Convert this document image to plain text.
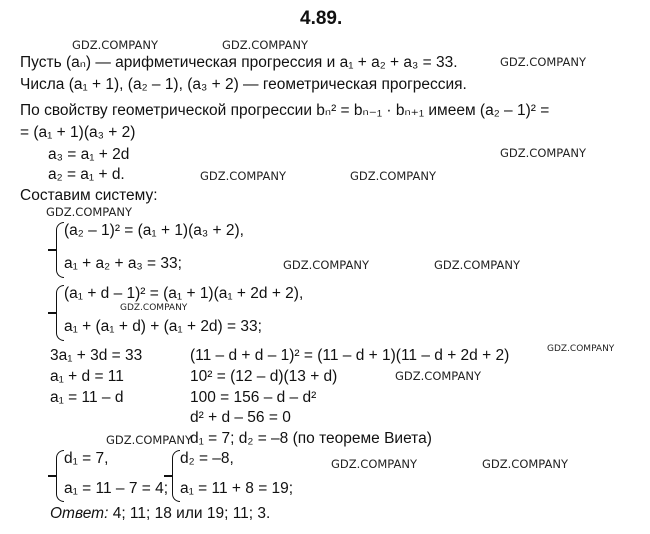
4.89.
GDZ.COMPANY	GDZ.COMPANY
GDZ.COMPANY
GDZ.COMPANY
GDZ.COMPANY	GDZ.COMPANY
GDZ.COMPANY
GDZ.COMPANY	GDZ.COMPANY
GDZ.COMPANY
GDZ.COMPANY
GDZ.COMPANY
GDZ.COMPANY
GDZ.COMPANY	GDZ.COMPANY
Пусть (aₙ) — арифметическая прогрессия и a₁ + a₂ + a₃ = 33.
Числа (a₁ + 1), (a₂ – 1), (a₃ + 2) — геометрическая прогрессия.
По свойству геометрической прогрессии bₙ² = bₙ₋₁ · bₙ₊₁ имеем (a₂ – 1)² =
= (a₁ + 1)(a₃ + 2)
a₃ = a₁ + 2d
a₂ = a₁ + d.
Составим систему:
(a₂ – 1)² = (a₁ + 1)(a₃ + 2),
a₁ + a₂ + a₃ = 33;
(a₁ + d – 1)² = (a₁ + 1)(a₁ + 2d + 2),
a₁ + (a₁ + d) + (a₁ + 2d) = 33;
3a₁ + 3d = 33
a₁ + d = 11
a₁ = 11 – d
(11 – d + d – 1)² = (11 – d + 1)(11 – d + 2d + 2)
10² = (12 – d)(13 + d)
100 = 156 – d – d²
d² + d – 56 = 0
d₁ = 7; d₂ = –8 (по теореме Виета)
d₁ = 7,
a₁ = 11 – 7 = 4;
d₂ = –8,
a₁ = 11 + 8 = 19;
Ответ: 4; 11; 18 или 19; 11; 3.
